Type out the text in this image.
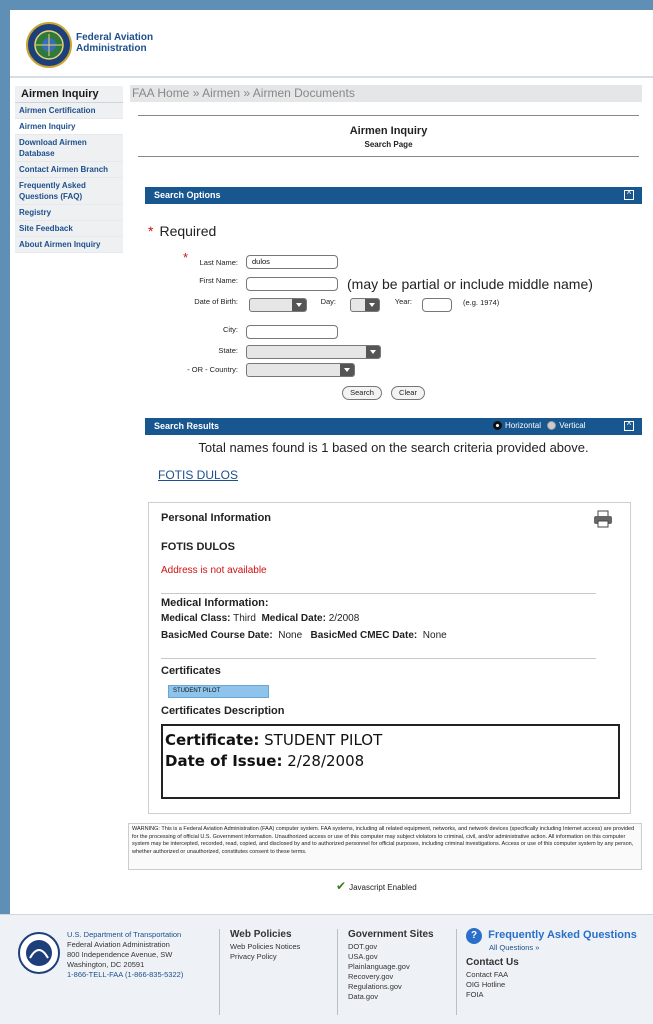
Federal Aviation
Administration
Airmen Inquiry
Airmen Certification
Airmen Inquiry
Download Airmen Database
Contact Airmen Branch
Frequently Asked Questions (FAQ)
Registry
Site Feedback
About Airmen Inquiry
FAA Home » Airmen » Airmen Documents
Airmen Inquiry
Search Page
Search Options	^
* Required
*	Last Name:	dulos
First Name:	(may be partial or include middle name)
Date of Birth:	Day:	Year:	(e.g. 1974)
City:
State:
- OR - Country:
Search	Clear
Search Results	Horizontal Vertical	^
Total names found is 1 based on the search criteria provided above.
FOTIS DULOS
Personal Information
FOTIS DULOS
Address is not available
Medical Information:
Medical Class: Third Medical Date: 2/2008
BasicMed Course Date: None BasicMed CMEC Date: None
Certificates
STUDENT PILOT
Certificates Description
Certificate: STUDENT PILOT
Date of Issue: 2/28/2008
WARNING: This is a Federal Aviation Administration (FAA) computer system. FAA systems, including all related equipment, networks, and network devices (specifically including Internet access) are provided for the processing of official U.S. Government information. Unauthorized access or use of this computer may subject violators to criminal, civil, and/or administrative action. All information on this computer system may be intercepted, recorded, read, copied, and disclosed by and to authorized personnel for official purposes, including criminal investigations. Access or use of this computer system by any person, whether authorized or unauthorized, constitutes consent to these terms.
✔ Javascript Enabled
U.S. Department of Transportation
Federal Aviation Administration
800 Independence Avenue, SW
Washington, DC 20591
1-866-TELL-FAA (1-866-835-5322)
Web Policies
Web Policies Notices
Privacy Policy
Government Sites
DOT.gov
USA.gov
Plainlanguage.gov
Recovery.gov
Regulations.gov
Data.gov
? Frequently Asked Questions
All Questions »
Contact Us
Contact FAA
OIG Hotline
FOIA
